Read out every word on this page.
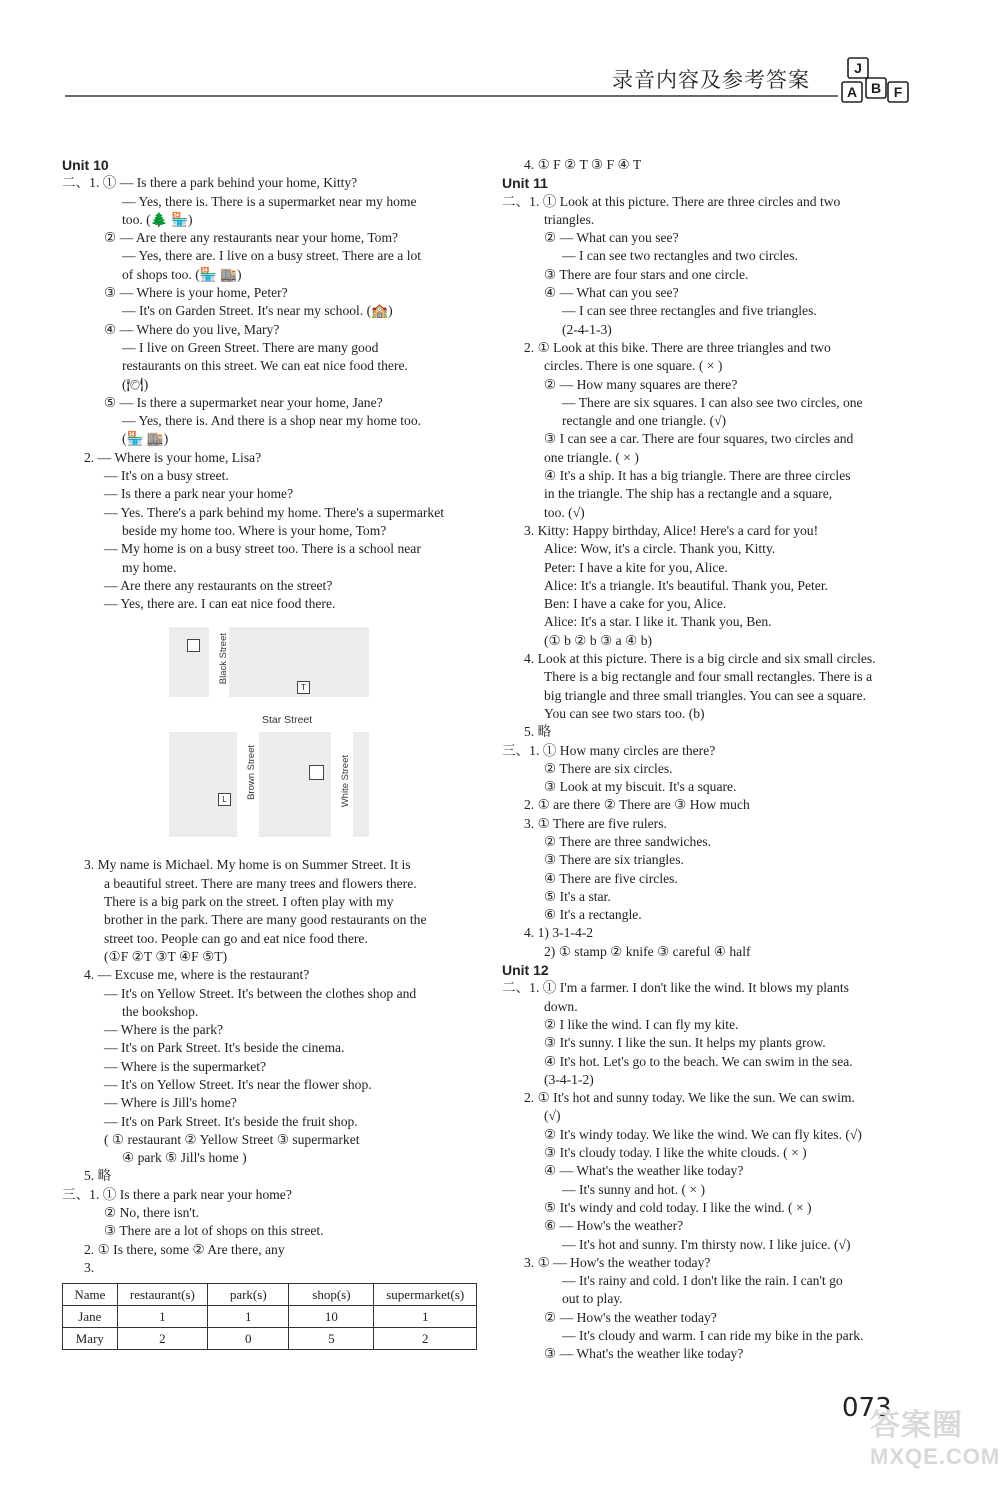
录音内容及参考答案	J
A B F
Unit 10
二、1. ① — Is there a park behind your home, Kitty?
— Yes, there is. There is a supermarket near my home
too. (🌲 🏪)
② — Are there any restaurants near your home, Tom?
— Yes, there are. I live on a busy street. There are a lot
of shops too. (🏪 🏬)
③ — Where is your home, Peter?
— It's on Garden Street. It's near my school. (🏫)
④ — Where do you live, Mary?
— I live on Green Street. There are many good
restaurants on this street. We can eat nice food there.
(🍽)
⑤ — Is there a supermarket near your home, Jane?
— Yes, there is. And there is a shop near my home too.
(🏪 🏬)
2. — Where is your home, Lisa?
— It's on a busy street.
— Is there a park near your home?
— Yes. There's a park behind my home. There's a supermarket
beside my home too. Where is your home, Tom?
— My home is on a busy street too. There is a school near
my home.
— Are there any restaurants on the street?
— Yes, there are. I can eat nice food there.
Black Street
Star Street
Brown Street	White Street
T
L
3. My name is Michael. My home is on Summer Street. It is
a beautiful street. There are many trees and flowers there.
There is a big park on the street. I often play with my
brother in the park. There are many good restaurants on the
street too. People can go and eat nice food there.
(①F ②T ③T ④F ⑤T)
4. — Excuse me, where is the restaurant?
— It's on Yellow Street. It's between the clothes shop and
the bookshop.
— Where is the park?
— It's on Park Street. It's beside the cinema.
— Where is the supermarket?
— It's on Yellow Street. It's near the flower shop.
— Where is Jill's home?
— It's on Park Street. It's beside the fruit shop.
( ① restaurant ② Yellow Street ③ supermarket
④ park ⑤ Jill's home )
5. 略
三、1. ① Is there a park near your home?
② No, there isn't.
③ There are a lot of shops on this street.
2. ① Is there, some ② Are there, any
3.
Name	restaurant(s)	park(s)	shop(s)	supermarket(s)
Jane	1	1	10	1
Mary	2	0	5	2
4. ① F ② T ③ F ④ T
Unit 11
二、1. ① Look at this picture. There are three circles and two
triangles.
② — What can you see?
— I can see two rectangles and two circles.
③ There are four stars and one circle.
④ — What can you see?
— I can see three rectangles and five triangles.
(2-4-1-3)
2. ① Look at this bike. There are three triangles and two
circles. There is one square. ( × )
② — How many squares are there?
— There are six squares. I can also see two circles, one
rectangle and one triangle. (√)
③ I can see a car. There are four squares, two circles and
one triangle. ( × )
④ It's a ship. It has a big triangle. There are three circles
in the triangle. The ship has a rectangle and a square,
too. (√)
3. Kitty: Happy birthday, Alice! Here's a card for you!
Alice: Wow, it's a circle. Thank you, Kitty.
Peter: I have a kite for you, Alice.
Alice: It's a triangle. It's beautiful. Thank you, Peter.
Ben: I have a cake for you, Alice.
Alice: It's a star. I like it. Thank you, Ben.
(① b ② b ③ a ④ b)
4. Look at this picture. There is a big circle and six small circles.
There is a big rectangle and four small rectangles. There is a
big triangle and three small triangles. You can see a square.
You can see two stars too. (b)
5. 略
三、1. ① How many circles are there?
② There are six circles.
③ Look at my biscuit. It's a square.
2. ① are there ② There are ③ How much
3. ① There are five rulers.
② There are three sandwiches.
③ There are six triangles.
④ There are five circles.
⑤ It's a star.
⑥ It's a rectangle.
4. 1) 3-1-4-2
2) ① stamp ② knife ③ careful ④ half
Unit 12
二、1. ① I'm a farmer. I don't like the wind. It blows my plants
down.
② I like the wind. I can fly my kite.
③ It's sunny. I like the sun. It helps my plants grow.
④ It's hot. Let's go to the beach. We can swim in the sea.
(3-4-1-2)
2. ① It's hot and sunny today. We like the sun. We can swim.
(√)
② It's windy today. We like the wind. We can fly kites. (√)
③ It's cloudy today. I like the white clouds. ( × )
④ — What's the weather like today?
— It's sunny and hot. ( × )
⑤ It's windy and cold today. I like the wind. ( × )
⑥ — How's the weather?
— It's hot and sunny. I'm thirsty now. I like juice. (√)
3. ① — How's the weather today?
— It's rainy and cold. I don't like the rain. I can't go
out to play.
② — How's the weather today?
— It's cloudy and warm. I can ride my bike in the park.
③ — What's the weather like today?
073
答案圈
MXQE.COM
